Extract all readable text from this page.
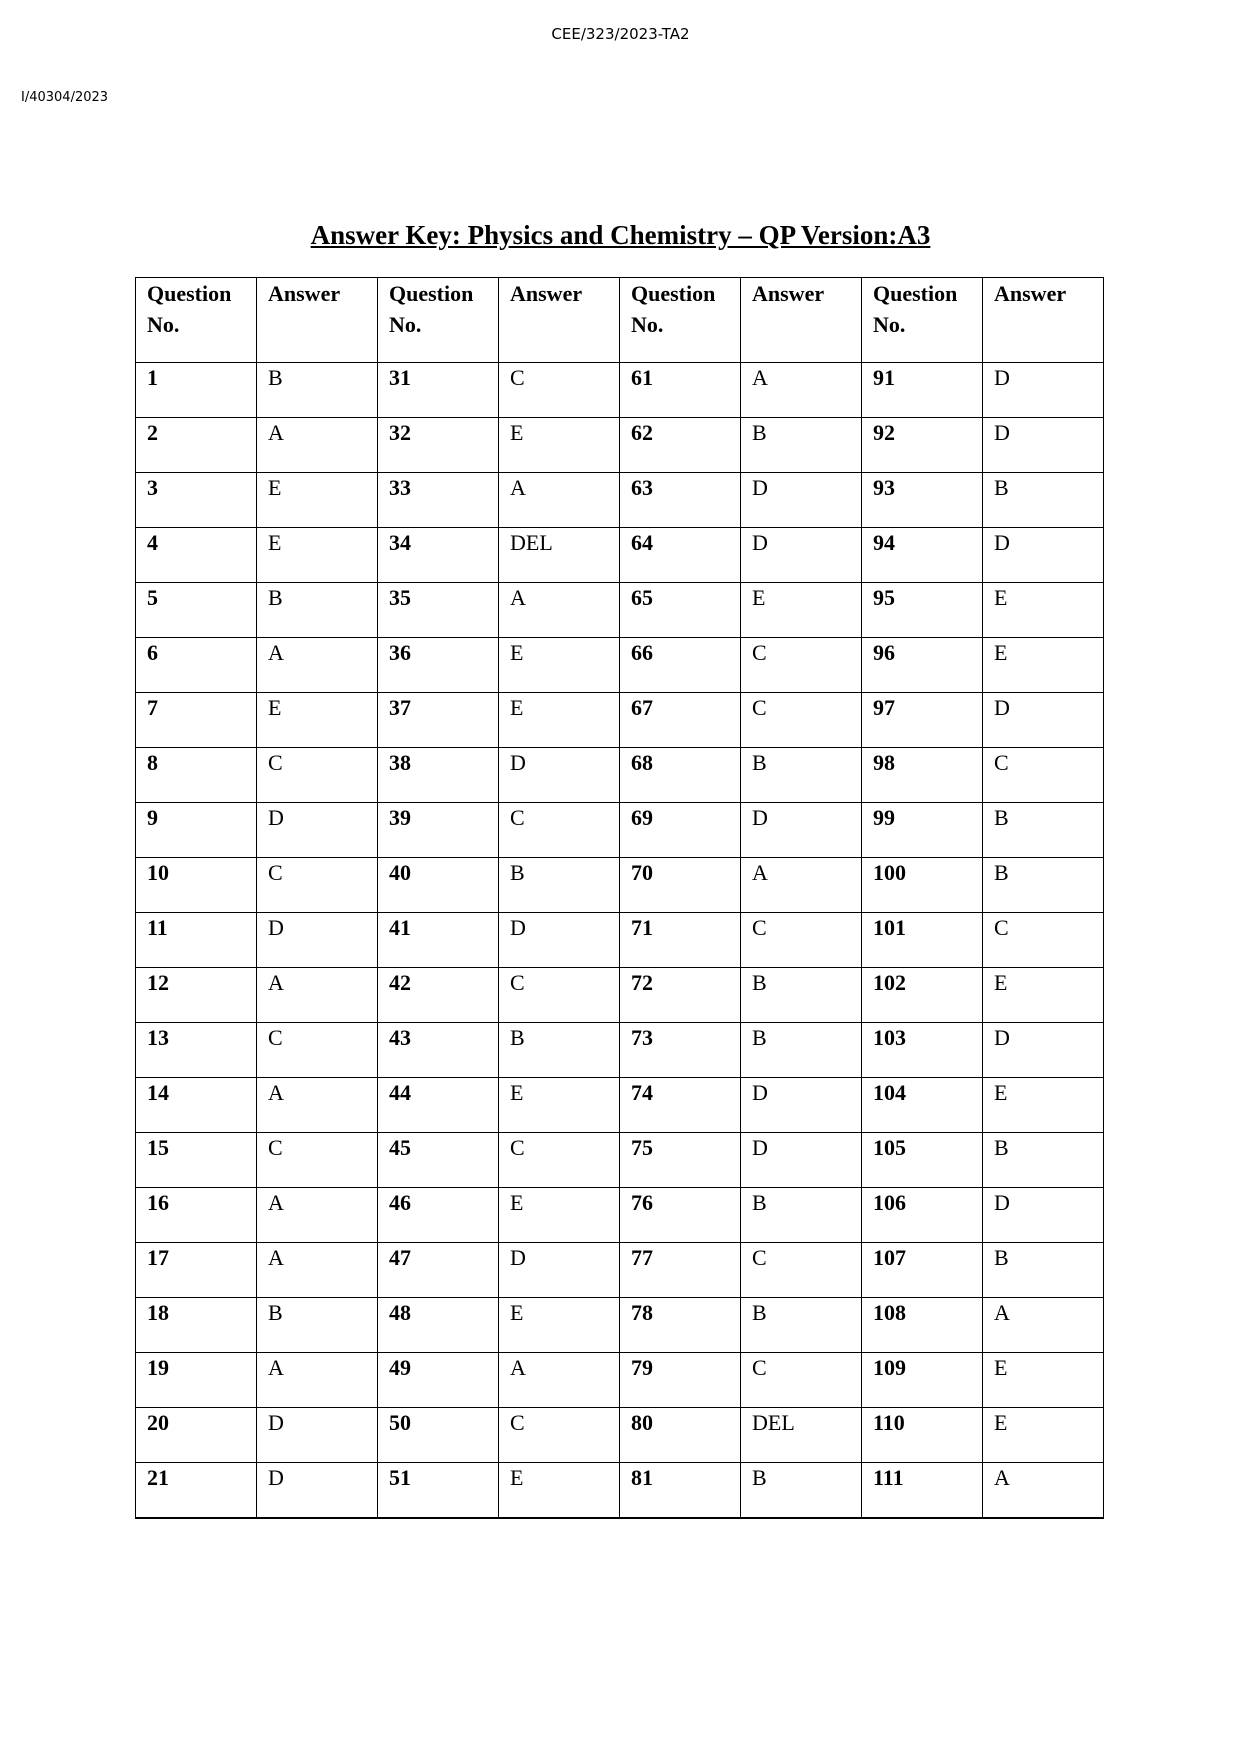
CEE/323/2023-TA2
I/40304/2023
Answer Key: Physics and Chemistry – QP Version:A3
Question No.	Answer	Question No.	Answer	Question No.	Answer	Question No.	Answer
1	B	31	C	61	A	91	D
2	A	32	E	62	B	92	D
3	E	33	A	63	D	93	B
4	E	34	DEL	64	D	94	D
5	B	35	A	65	E	95	E
6	A	36	E	66	C	96	E
7	E	37	E	67	C	97	D
8	C	38	D	68	B	98	C
9	D	39	C	69	D	99	B
10	C	40	B	70	A	100	B
11	D	41	D	71	C	101	C
12	A	42	C	72	B	102	E
13	C	43	B	73	B	103	D
14	A	44	E	74	D	104	E
15	C	45	C	75	D	105	B
16	A	46	E	76	B	106	D
17	A	47	D	77	C	107	B
18	B	48	E	78	B	108	A
19	A	49	A	79	C	109	E
20	D	50	C	80	DEL	110	E
21	D	51	E	81	B	111	A
